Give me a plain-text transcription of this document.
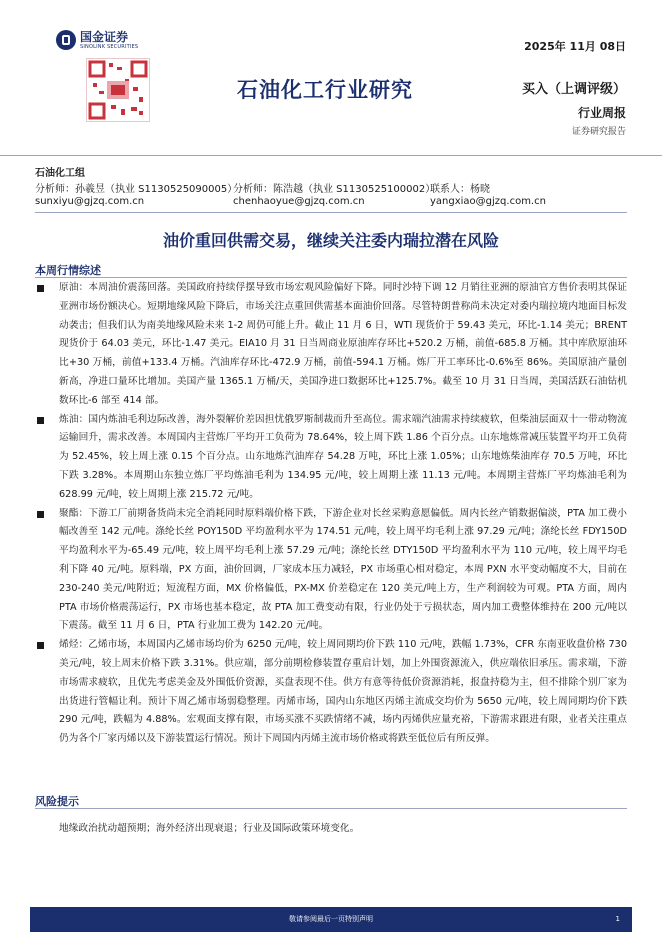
国金证券
SINOLINK SECURITIES	2025年 11月 08日
石油化工行业研究	买入（上调评级）
行业周报
证券研究报告
石油化工组
分析师：孙羲昱（执业 S1130525090005）
分析师：陈浩越（执业 S1130525100002）
联系人：杨晓
sunxiyu@gjzq.com.cn	chenhaoyue@gjzq.com.cn	yangxiao@gjzq.com.cn
油价重回供需交易，继续关注委内瑞拉潜在风险
本周行情综述

原油：本周油价震荡回落。美国政府持续俘摆导致市场宏观风险偏好下降。同时沙特下调 12 月销往亚洲的原油官方售价表明其保证亚洲市场份额决心。短期地缘风险下降后，市场关注点重回供需基本面油价回落。尽管特朗普称尚未决定对委内瑞拉境内地面目标发动袭击；但我们认为南美地缘风险未来 1-2 周仍可能上升。截止 11 月 6 日，WTI 现货价于 59.43 美元，环比-1.14 美元；BRENT 现货价于 64.03 美元，环比-1.47 美元。EIA10 月 31 日当周商业原油库存环比+520.2 万桶，前值-685.8 万桶。其中库欣原油环比+30 万桶，前值+133.4 万桶。汽油库存环比-472.9 万桶，前值-594.1 万桶。炼厂开工率环比-0.6%至 86%。美国原油产量创新高，净进口量环比增加。美国产量 1365.1 万桶/天，美国净进口数据环比+125.7%。截至 10 月 31 日当周，美国活跃石油钻机数环比-6 部至 414 部。

炼油：国内炼油毛利边际改善，海外裂解价差因担忧俄罗斯制裁而升至高位。需求端汽油需求持续疲软，但柴油层面双十一带动物流运输回升，需求改善。本周国内主营炼厂平均开工负荷为 78.64%，较上周下跌 1.86 个百分点。山东地炼常减压装置平均开工负荷为 52.45%，较上周上涨 0.15 个百分点。山东地炼汽油库存 54.28 万吨，环比上涨 1.05%；山东地炼柴油库存 70.5 万吨，环比下跌 3.28%。本周期山东独立炼厂平均炼油毛利为 134.95 元/吨，较上周期上涨 11.13 元/吨。本周期主营炼厂平均炼油毛利为 628.99 元/吨，较上周期上涨 215.72 元/吨。

聚酯：下游工厂前期备货尚未完全消耗同时原料端价格下跌，下游企业对长丝采购意愿偏低。周内长丝产销数据偏淡，PTA 加工费小幅改善至 142 元/吨。涤纶长丝 POY150D 平均盈利水平为 174.51 元/吨，较上周平均毛利上涨 97.29 元/吨；涤纶长丝 FDY150D 平均盈利水平为-65.49 元/吨，较上周平均毛利上涨 57.29 元/吨；涤纶长丝 DTY150D 平均盈利水平为 110 元/吨，较上周平均毛利下降 40 元/吨。原料端，PX 方面，油价回调，厂家成本压力减轻，PX 市场重心相对稳定，本周 PXN 水平变动幅度不大，目前在 230-240 美元/吨附近；短流程方面，MX 价格偏低，PX-MX 价差稳定在 120 美元/吨上方，生产利润较为可观。PTA 方面，周内 PTA 市场价格震荡运行，PX 市场也基本稳定，故 PTA 加工费变动有限，行业仍处于亏损状态，周内加工费整体维持在 200 元/吨以下震荡。截至 11 月 6 日，PTA 行业加工费为 142.20 元/吨。

烯烃：乙烯市场，本周国内乙烯市场均价为 6250 元/吨，较上周同期均价下跌 110 元/吨，跌幅 1.73%，CFR 东南亚收盘价格 730 美元/吨，较上周末价格下跌 3.31%。供应端，部分前期检修装置存重启计划，加上外围资源流入，供应端依旧承压。需求端，下游市场需求疲软，且优先考虑美金及外围低价资源，买盘表现不佳。供方有意等待低价资源消耗，报盘持稳为主，但不排除个别厂家为出货进行管幅让利。预计下周乙烯市场弱稳整理。丙烯市场，国内山东地区丙烯主流成交均价为 5650 元/吨，较上周同期均价下跌 290 元/吨，跌幅为 4.88%。宏观面支撑有限，市场买涨不买跌情绪不减，场内丙烯供应量充裕，下游需求跟进有限，业者关注重点仍为各个厂家丙烯以及下游装置运行情况。预计下周国内丙烯主流市场价格或将跌至低位后有所反弹。

风险提示
地缘政治扰动超预期；海外经济出现衰退；行业及国际政策环境变化。
敬请参阅最后一页特别声明	1
